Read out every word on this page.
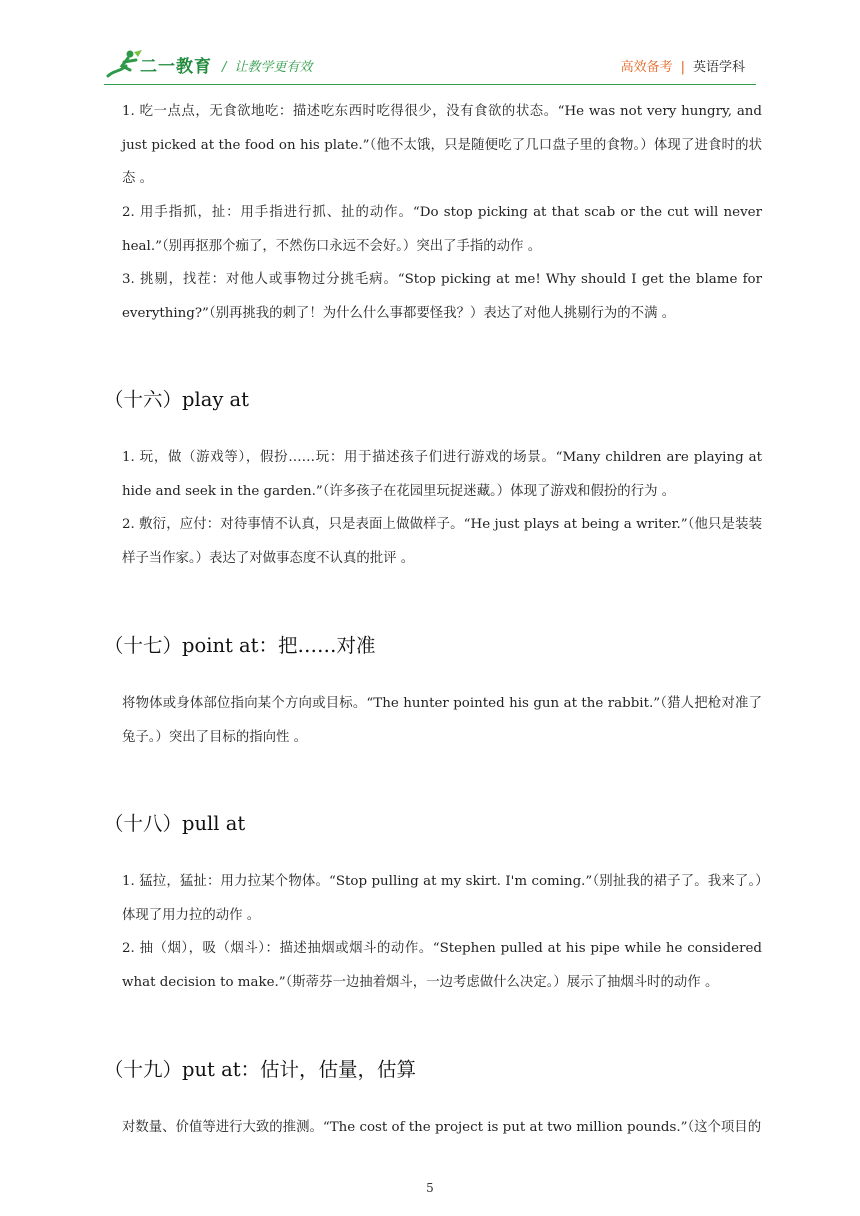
二一教育 / 让教学更有效	高效备考 | 英语学科
1. 吃一点点，无食欲地吃：描述吃东西时吃得很少，没有食欲的状态。“He was not very hungry, and just picked at the food on his plate.”（他不太饿，只是随便吃了几口盘子里的食物。）体现了进食时的状态 。
2. 用手指抓，扯：用手指进行抓、扯的动作。“Do stop picking at that scab or the cut will never heal.”（别再抠那个痂了，不然伤口永远不会好。）突出了手指的动作 。
3. 挑剔，找茬：对他人或事物过分挑毛病。“Stop picking at me! Why should I get the blame for everything?”（别再挑我的刺了！为什么什么事都要怪我？）表达了对他人挑剔行为的不满 。
（十六）play at
1. 玩，做（游戏等），假扮……玩：用于描述孩子们进行游戏的场景。“Many children are playing at hide and seek in the garden.”（许多孩子在花园里玩捉迷藏。）体现了游戏和假扮的行为 。
2. 敷衍，应付：对待事情不认真，只是表面上做做样子。“He just plays at being a writer.”（他只是装装样子当作家。）表达了对做事态度不认真的批评 。
（十七）point at：把……对准
将物体或身体部位指向某个方向或目标。“The hunter pointed his gun at the rabbit.”（猎人把枪对准了兔子。）突出了目标的指向性 。
（十八）pull at
1. 猛拉，猛扯：用力拉某个物体。“Stop pulling at my skirt. I'm coming.”（别扯我的裙子了。我来了。）体现了用力拉的动作 。
2. 抽（烟），吸（烟斗）：描述抽烟或烟斗的动作。“Stephen pulled at his pipe while he considered what decision to make.”（斯蒂芬一边抽着烟斗，一边考虑做什么决定。）展示了抽烟斗时的动作 。
（十九）put at：估计，估量，估算
对数量、价值等进行大致的推测。“The cost of the project is put at two million pounds.”（这个项目的
5
